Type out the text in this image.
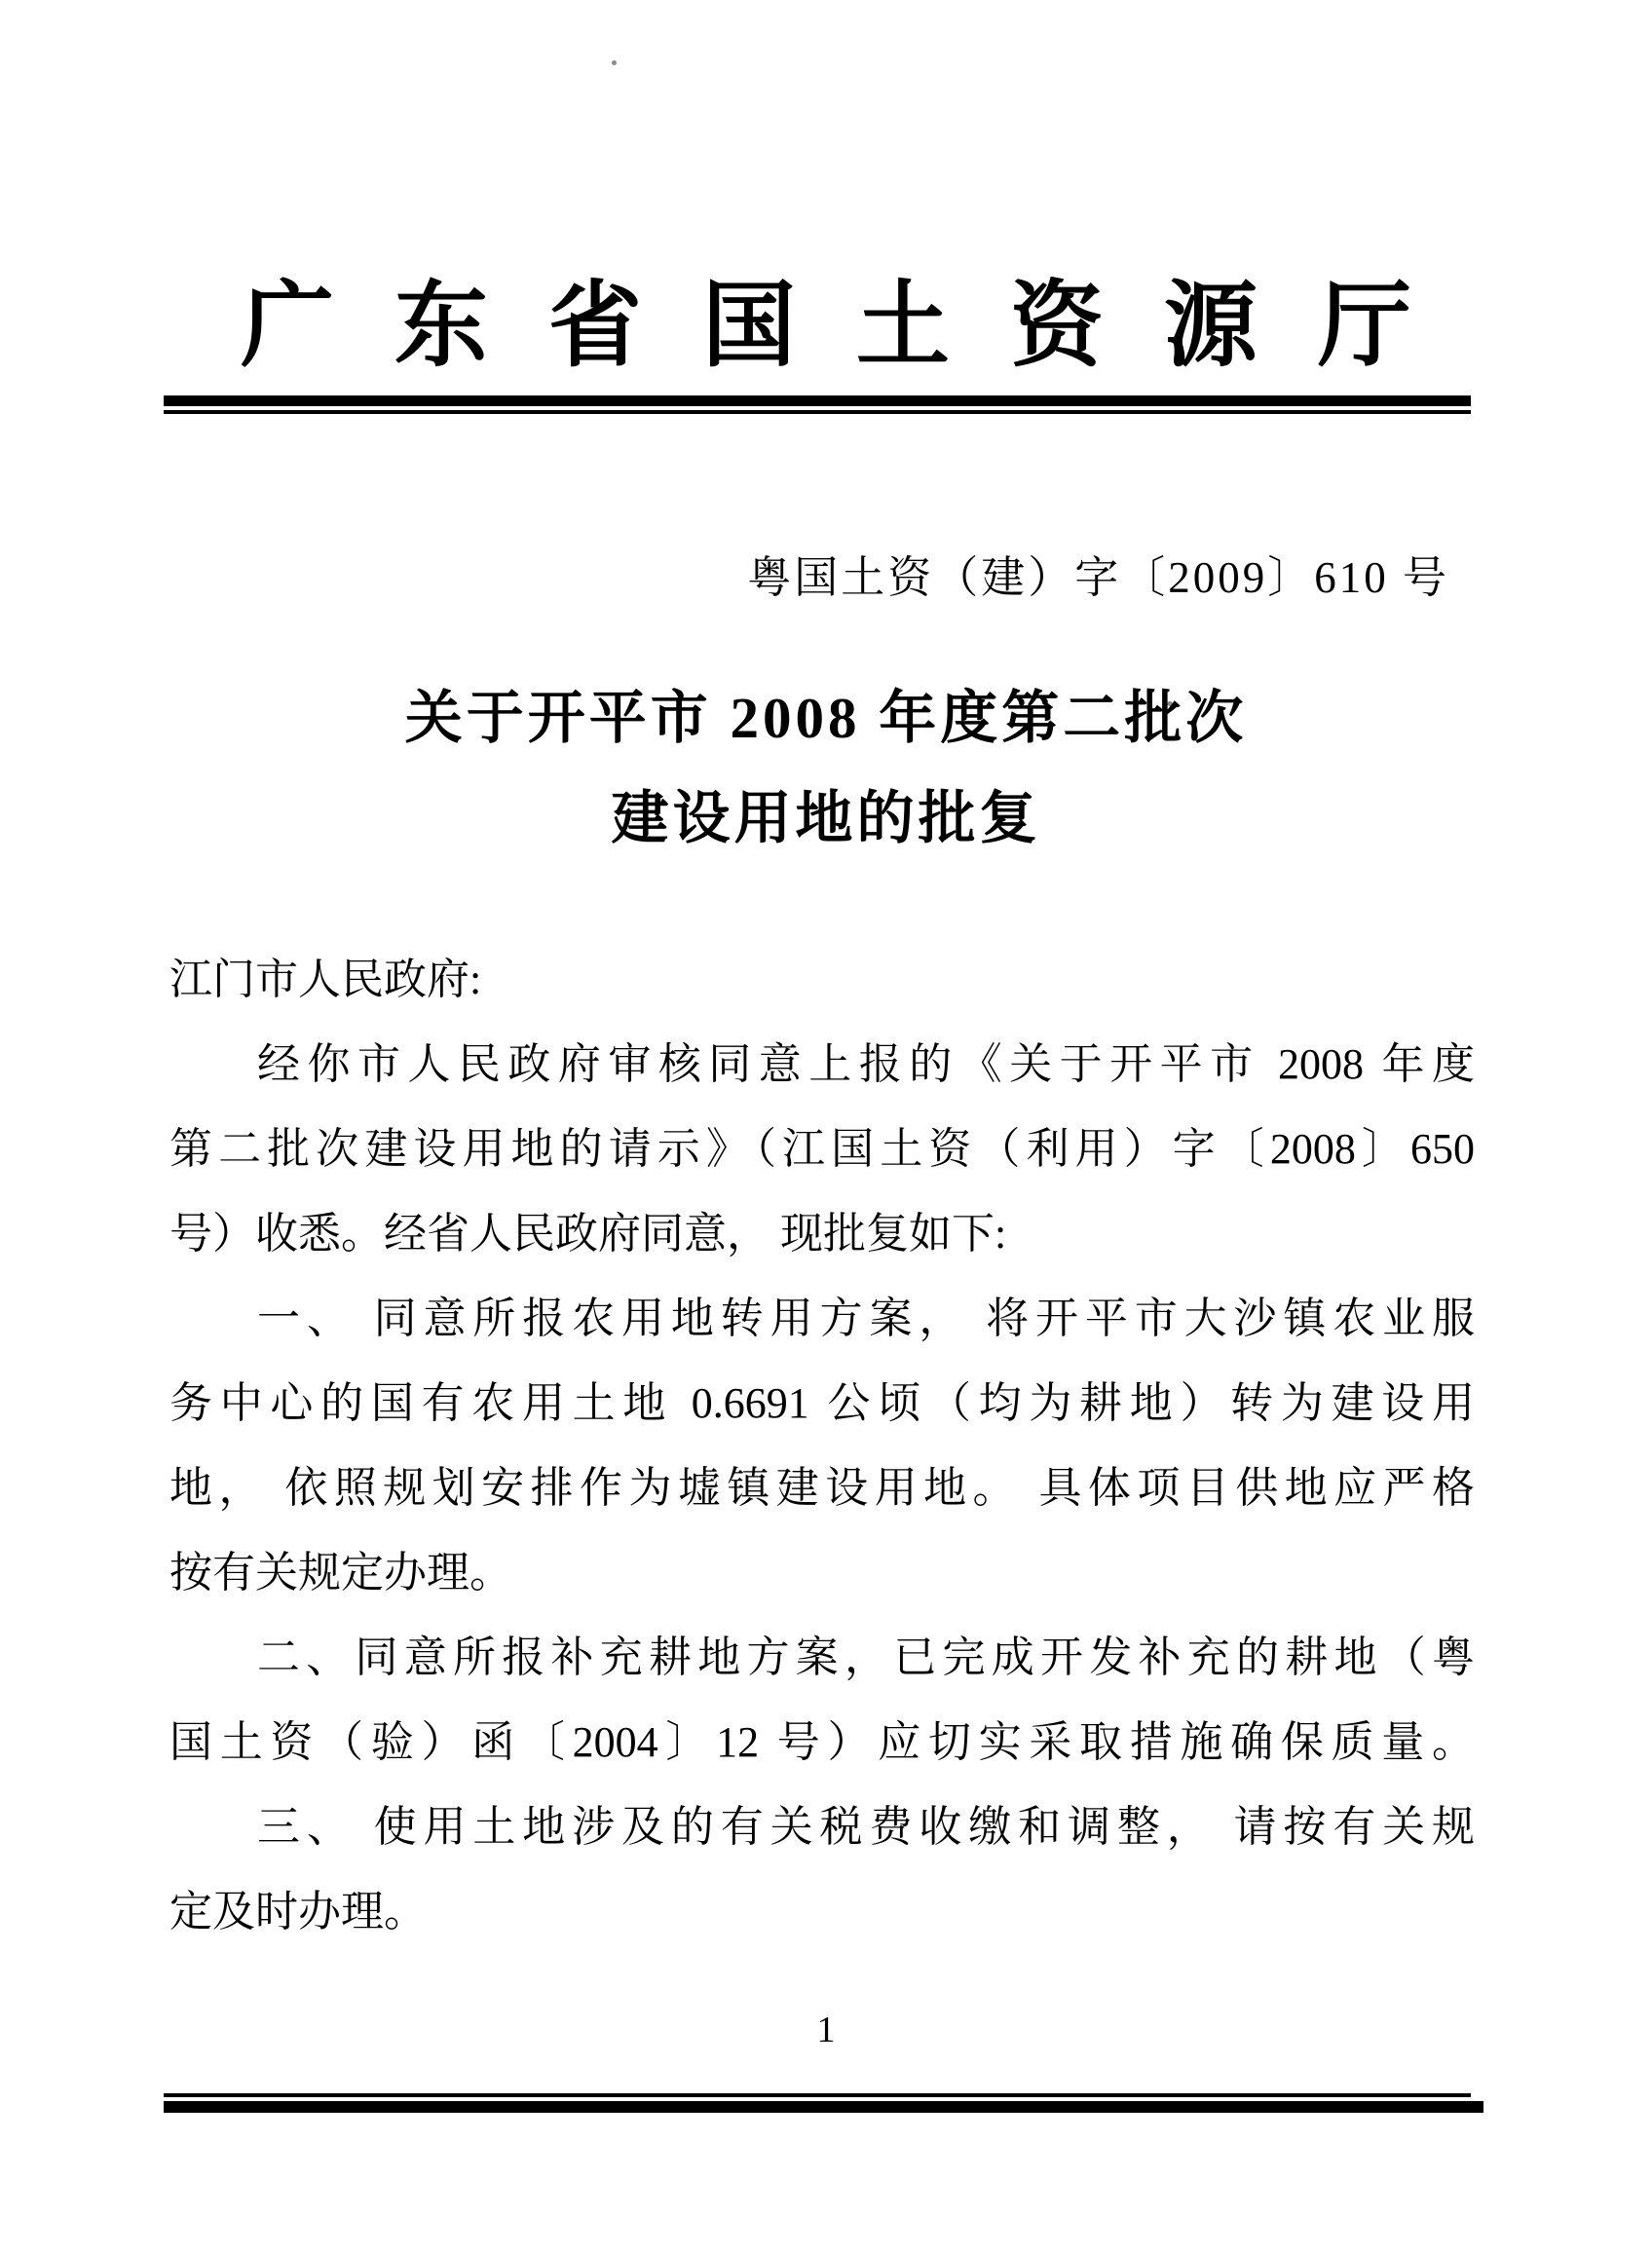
广东省国土资源厅
粤国土资（建）字〔2009〕610 号
关于开平市 2008 年度第二批次
建设用地的批复
江门市人民政府:
经你市人民政府审核同意上报的《关于开平市 2008 年度
第二批次建设用地的请示》（江国土资（利用）字〔2008〕650
号）收悉。经省人民政府同意， 现批复如下:
一、 同意所报农用地转用方案， 将开平市大沙镇农业服
务中心的国有农用土地 0.6691 公顷（均为耕地）转为建设用
地， 依照规划安排作为墟镇建设用地。 具体项目供地应严格
按有关规定办理。
二、同意所报补充耕地方案，已完成开发补充的耕地（粤
国土资（验）函〔2004〕12 号）应切实采取措施确保质量。
三、 使用土地涉及的有关税费收缴和调整， 请按有关规
定及时办理。
1
